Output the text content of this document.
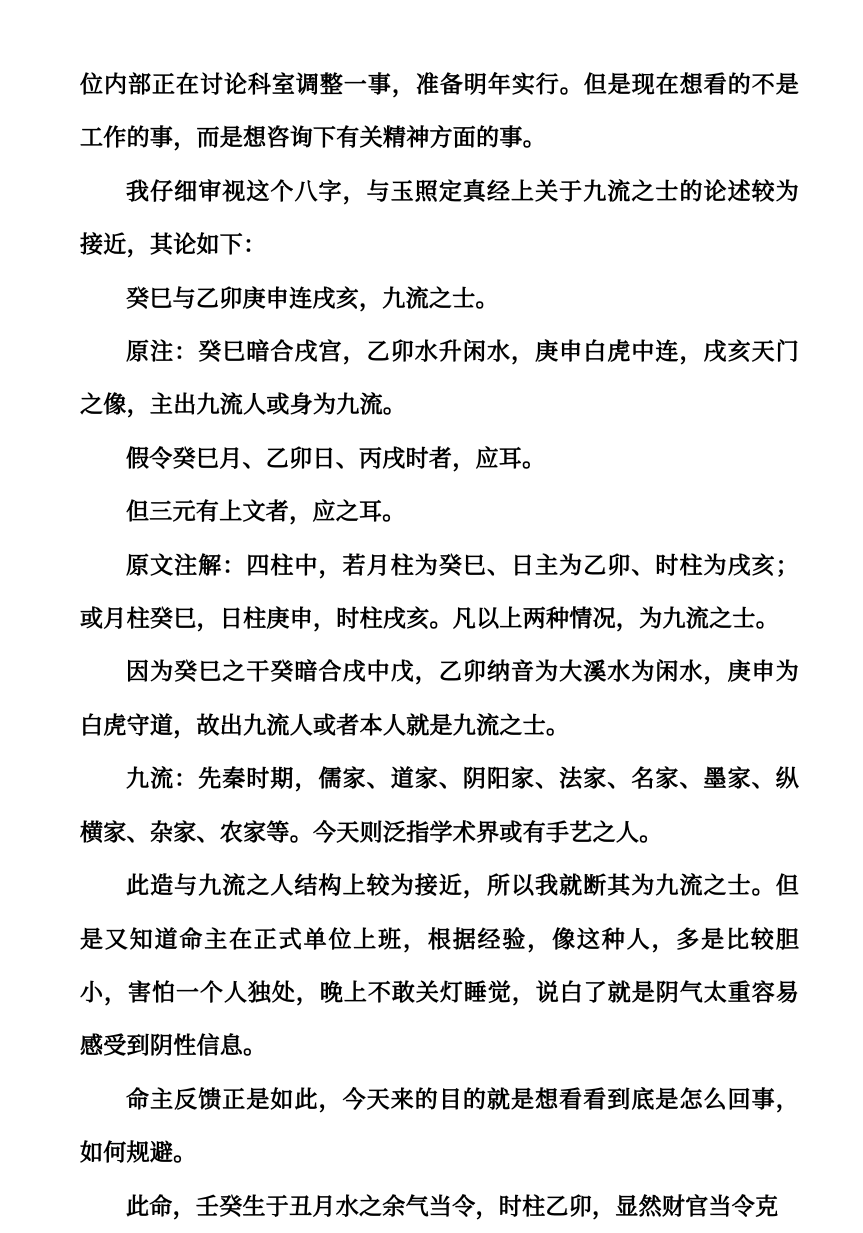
位内部正在讨论科室调整一事，准备明年实行。但是现在想看的不是工作的事，而是想咨询下有关精神方面的事。

我仔细审视这个八字，与玉照定真经上关于九流之士的论述较为接近，其论如下：

癸巳与乙卯庚申连戌亥，九流之士。

原注：癸巳暗合戌宫，乙卯水升闲水，庚申白虎中连，戌亥天门之像，主出九流人或身为九流。

假令癸巳月、乙卯日、丙戌时者，应耳。

但三元有上文者，应之耳。

原文注解：四柱中，若月柱为癸巳、日主为乙卯、时柱为戌亥；或月柱癸巳，日柱庚申，时柱戌亥。凡以上两种情况，为九流之士。

因为癸巳之干癸暗合戌中戊，乙卯纳音为大溪水为闲水，庚申为白虎守道，故出九流人或者本人就是九流之士。

九流：先秦时期，儒家、道家、阴阳家、法家、名家、墨家、纵横家、杂家、农家等。今天则泛指学术界或有手艺之人。

此造与九流之人结构上较为接近，所以我就断其为九流之士。但是又知道命主在正式单位上班，根据经验，像这种人，多是比较胆小，害怕一个人独处，晚上不敢关灯睡觉，说白了就是阴气太重容易感受到阴性信息。

命主反馈正是如此，今天来的目的就是想看看到底是怎么回事，如何规避。

此命，壬癸生于丑月水之余气当令，时柱乙卯，显然财官当令克
